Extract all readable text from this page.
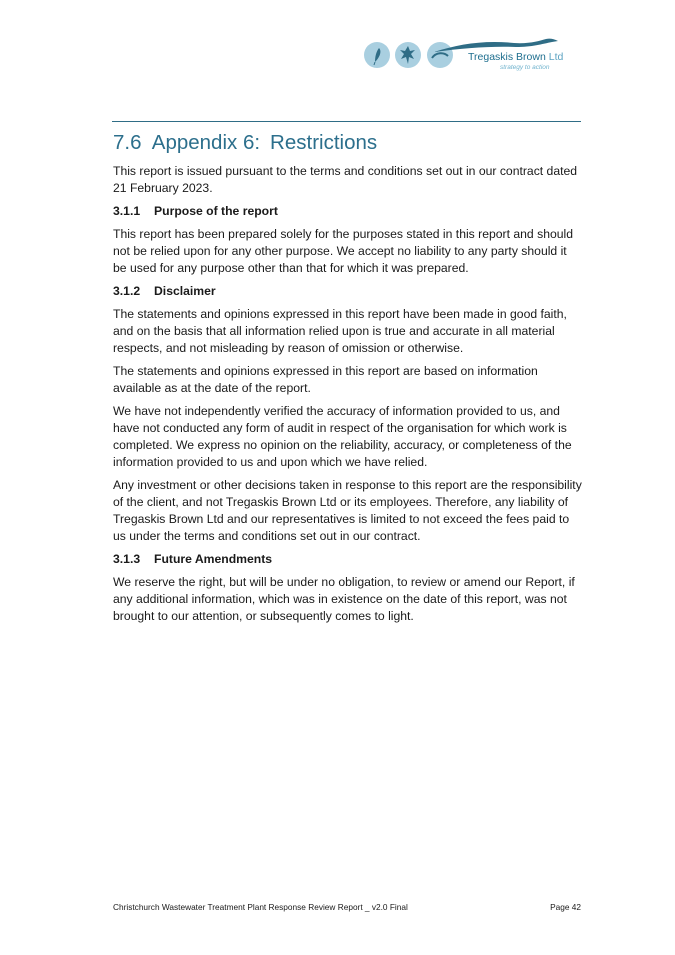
Tregaskis Brown Ltd
strategy to action
7.6 Appendix 6: Restrictions

This report is issued pursuant to the terms and conditions set out in our contract dated 21 February 2023.

3.1.1 Purpose of the report

This report has been prepared solely for the purposes stated in this report and should not be relied upon for any other purpose. We accept no liability to any party should it be used for any purpose other than that for which it was prepared.

3.1.2 Disclaimer

The statements and opinions expressed in this report have been made in good faith, and on the basis that all information relied upon is true and accurate in all material respects, and not misleading by reason of omission or otherwise.

The statements and opinions expressed in this report are based on information available as at the date of the report.

We have not independently verified the accuracy of information provided to us, and have not conducted any form of audit in respect of the organisation for which work is completed. We express no opinion on the reliability, accuracy, or completeness of the information provided to us and upon which we have relied.

Any investment or other decisions taken in response to this report are the responsibility of the client, and not Tregaskis Brown Ltd or its employees. Therefore, any liability of Tregaskis Brown Ltd and our representatives is limited to not exceed the fees paid to us under the terms and conditions set out in our contract.

3.1.3 Future Amendments

We reserve the right, but will be under no obligation, to review or amend our Report, if any additional information, which was in existence on the date of this report, was not brought to our attention, or subsequently comes to light.

Christchurch Wastewater Treatment Plant Response Review Report _ v2.0 Final	Page 42
